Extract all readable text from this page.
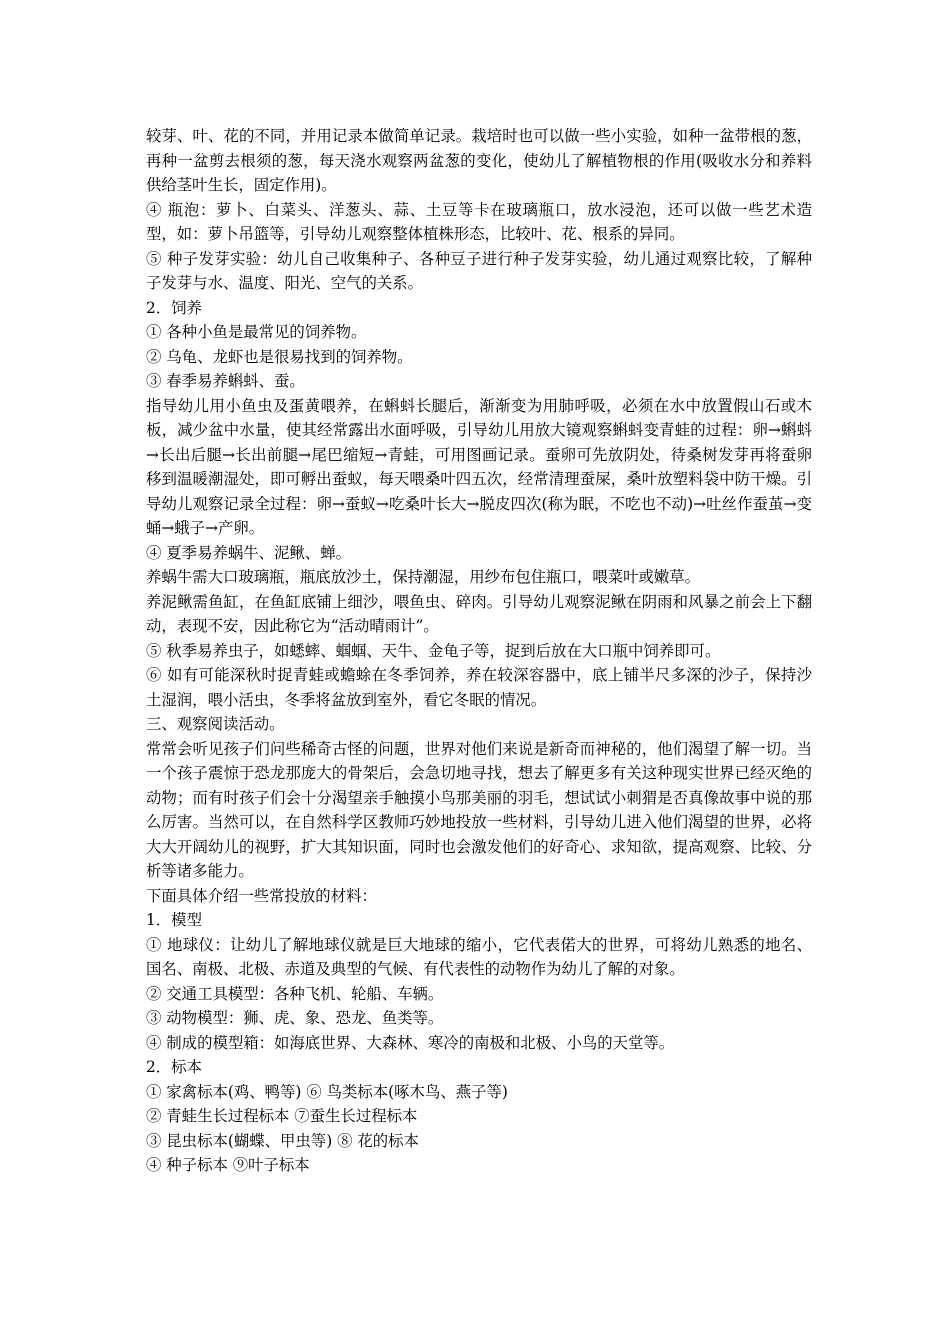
较芽、叶、花的不同，并用记录本做简单记录。栽培时也可以做一些小实验，如种一盆带根的葱，再种一盆剪去根须的葱，每天浇水观察两盆葱的变化，使幼儿了解植物根的作用(吸收水分和养料供给茎叶生长，固定作用)。

④ 瓶泡：萝卜、白菜头、洋葱头、蒜、土豆等卡在玻璃瓶口，放水浸泡，还可以做一些艺术造型，如：萝卜吊篮等，引导幼儿观察整体植株形态，比较叶、花、根系的异同。

⑤ 种子发芽实验：幼儿自己收集种子、各种豆子进行种子发芽实验，幼儿通过观察比较，了解种子发芽与水、温度、阳光、空气的关系。

2．饲养

① 各种小鱼是最常见的饲养物。

② 乌龟、龙虾也是很易找到的饲养物。

③ 春季易养蝌蚪、蚕。

指导幼儿用小鱼虫及蛋黄喂养，在蝌蚪长腿后，渐渐变为用肺呼吸，必须在水中放置假山石或木板，减少盆中水量，使其经常露出水面呼吸，引导幼儿用放大镜观察蝌蚪变青蛙的过程：卵→蝌蚪→长出后腿→长出前腿→尾巴缩短→青蛙，可用图画记录。蚕卵可先放阴处，待桑树发芽再将蚕卵移到温暖潮湿处，即可孵出蚕蚁，每天喂桑叶四五次，经常清理蚕屎，桑叶放塑料袋中防干燥。引导幼儿观察记录全过程：卵→蚕蚁→吃桑叶长大→脱皮四次(称为眠，不吃也不动)→吐丝作蚕茧→变蛹→蛾子→产卵。

④ 夏季易养蜗牛、泥鳅、蝉。

养蜗牛需大口玻璃瓶，瓶底放沙土，保持潮湿，用纱布包住瓶口，喂菜叶或嫩草。

养泥鳅需鱼缸，在鱼缸底铺上细沙，喂鱼虫、碎肉。引导幼儿观察泥鳅在阴雨和风暴之前会上下翻动，表现不安，因此称它为“活动晴雨计”。

⑤ 秋季易养虫子，如蟋蟀、蝈蝈、天牛、金龟子等，捉到后放在大口瓶中饲养即可。

⑥ 如有可能深秋时捉青蛙或蟾蜍在冬季饲养，养在较深容器中，底上铺半尺多深的沙子，保持沙土湿润，喂小活虫，冬季将盆放到室外，看它冬眠的情况。

三、观察阅读活动。

常常会听见孩子们问些稀奇古怪的问题，世界对他们来说是新奇而神秘的，他们渴望了解一切。当一个孩子震惊于恐龙那庞大的骨架后，会急切地寻找，想去了解更多有关这种现实世界已经灭绝的动物；而有时孩子们会十分渴望亲手触摸小鸟那美丽的羽毛，想试试小刺猬是否真像故事中说的那么厉害。当然可以，在自然科学区教师巧妙地投放一些材料，引导幼儿进入他们渴望的世界，必将大大开阔幼儿的视野，扩大其知识面，同时也会激发他们的好奇心、求知欲，提高观察、比较、分析等诸多能力。

下面具体介绍一些常投放的材料：

1．模型

① 地球仪：让幼儿了解地球仪就是巨大地球的缩小，它代表偌大的世界，可将幼儿熟悉的地名、国名、南极、北极、赤道及典型的气候、有代表性的动物作为幼儿了解的对象。

② 交通工具模型：各种飞机、轮船、车辆。

③ 动物模型：狮、虎、象、恐龙、鱼类等。

④ 制成的模型箱：如海底世界、大森林、寒冷的南极和北极、小鸟的天堂等。

2．标本

① 家禽标本(鸡、鸭等) ⑥ 鸟类标本(啄木鸟、燕子等)

② 青蛙生长过程标本 ⑦蚕生长过程标本

③ 昆虫标本(蝴蝶、甲虫等) ⑧ 花的标本

④ 种子标本 ⑨叶子标本
